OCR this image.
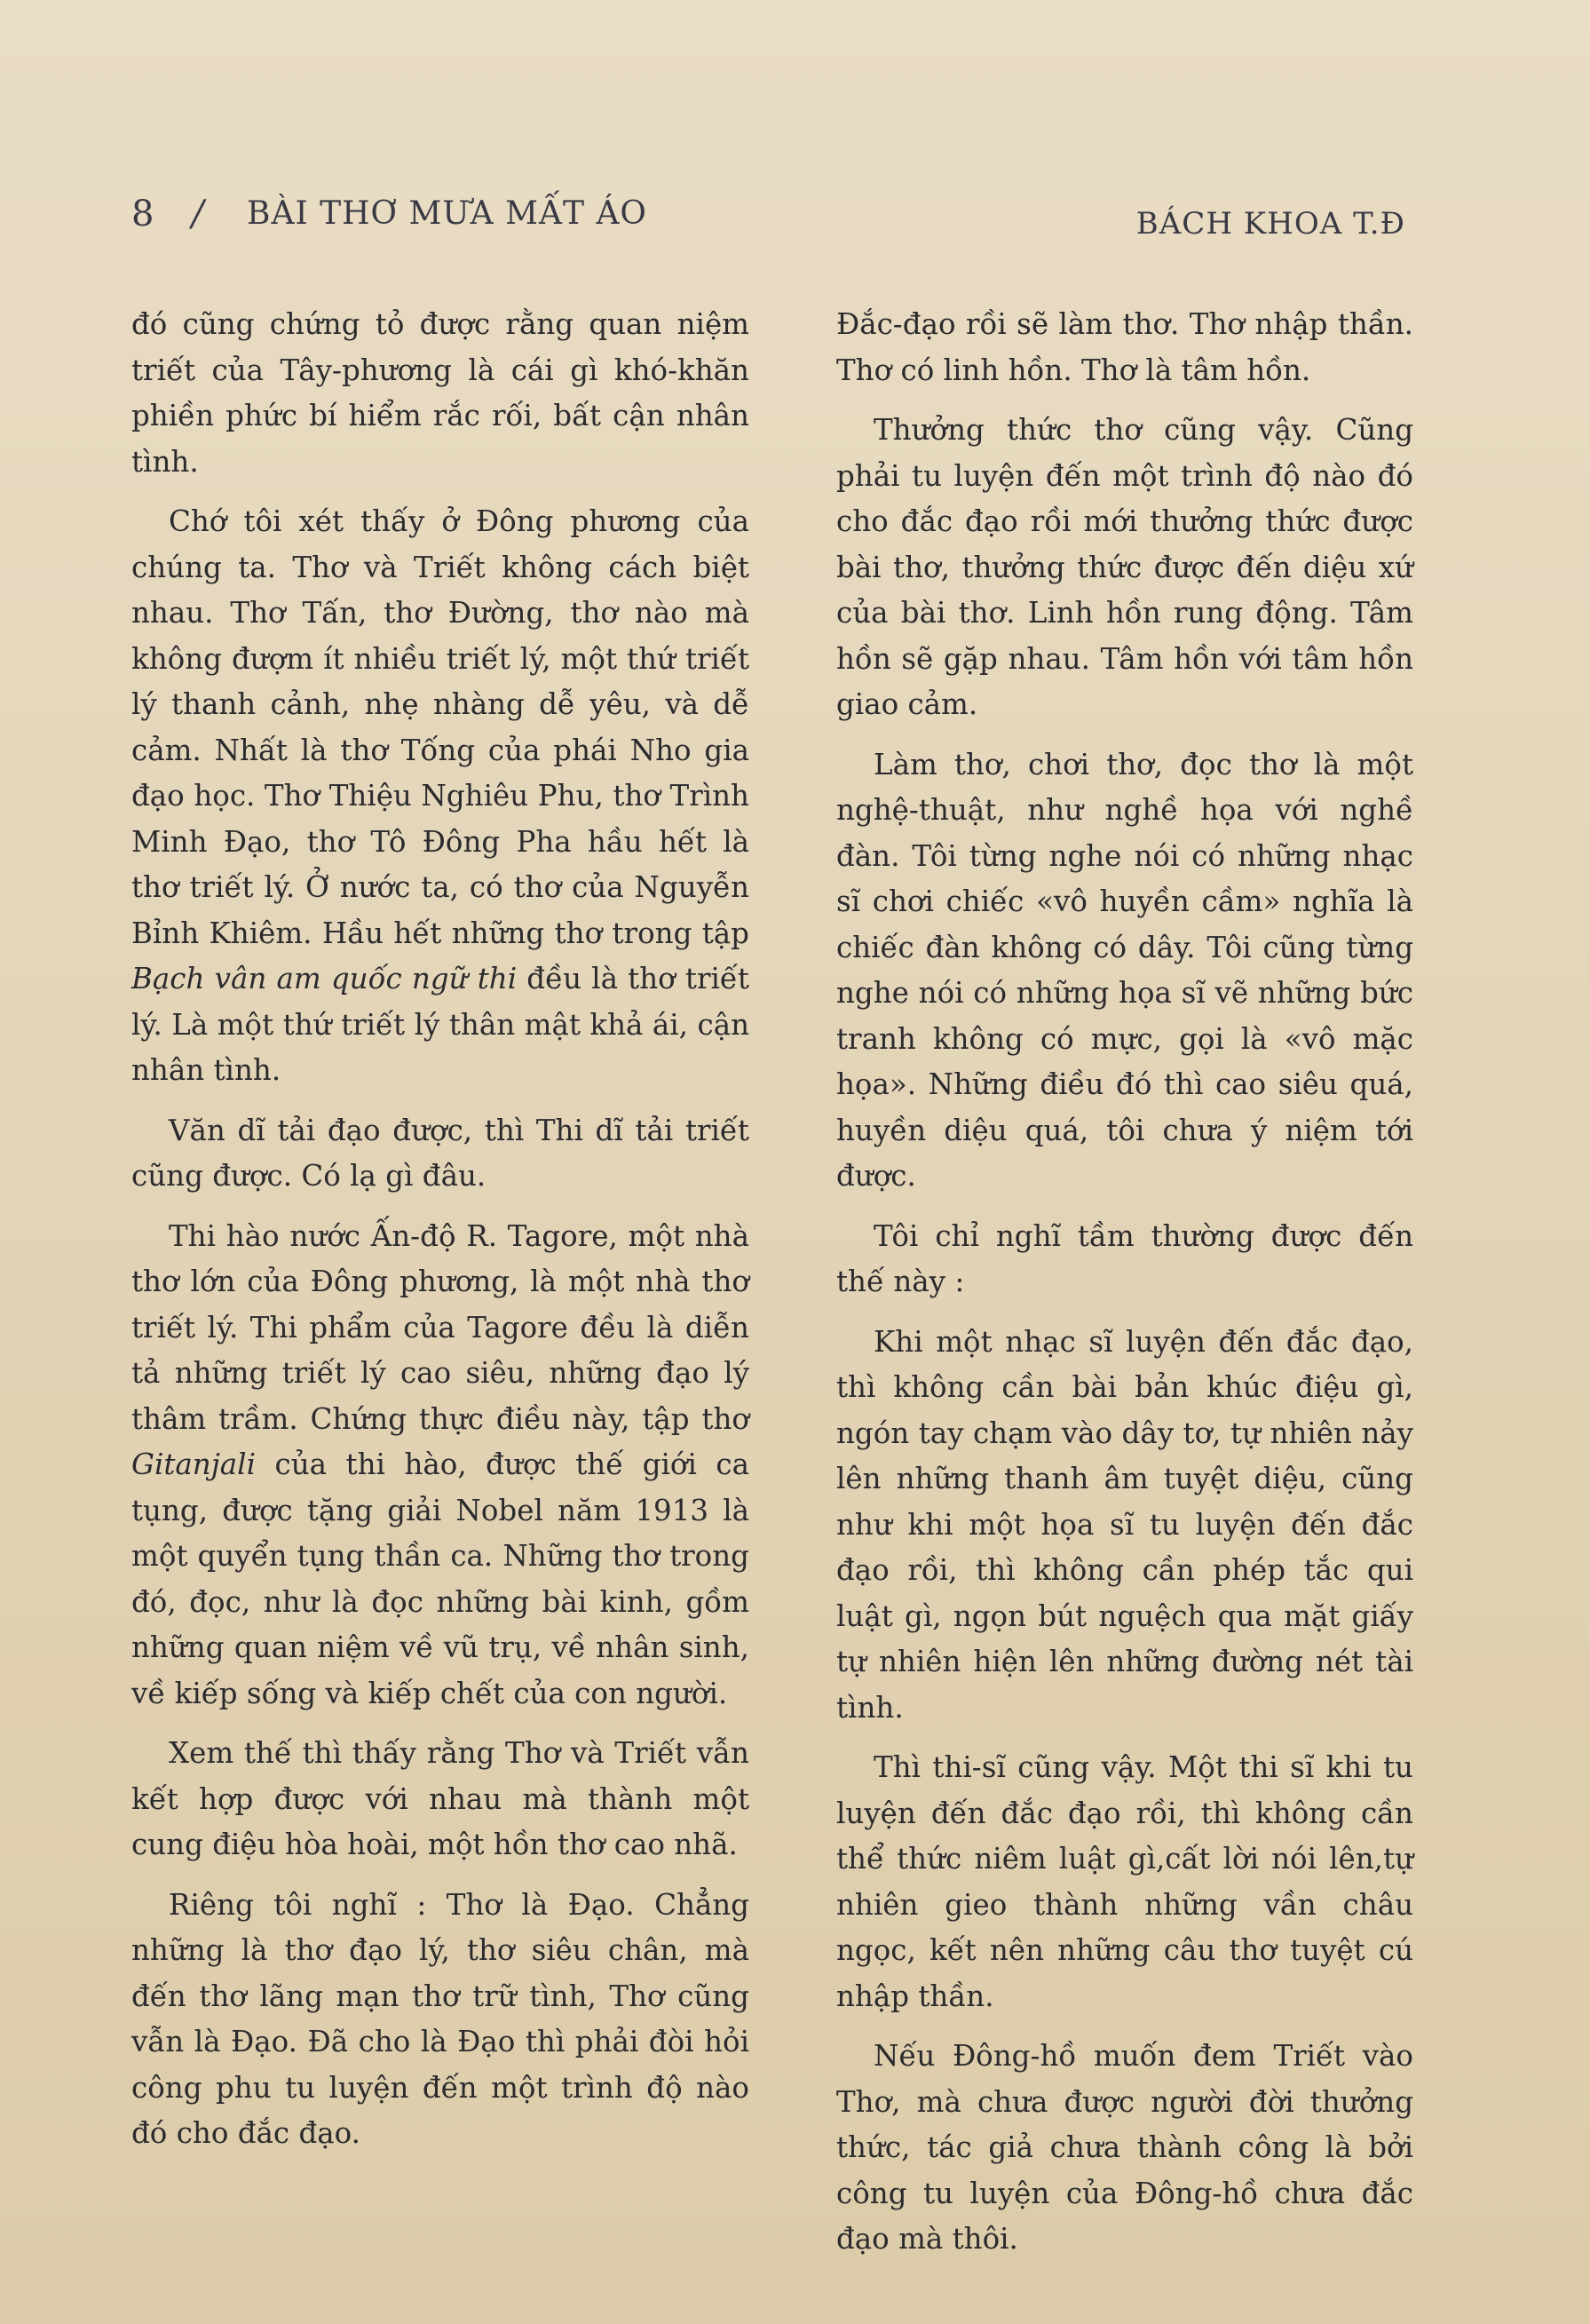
8 / BÀI THƠ MƯA MẤT ÁO	BÁCH KHOA T.Đ

đó cũng chứng tỏ được rằng quan niệm triết của Tây-phương là cái gì khó-khăn phiền phức bí hiểm rắc rối, bất cận nhân tình.

Chớ tôi xét thấy ở Đông phương của chúng ta. Thơ và Triết không cách biệt nhau. Thơ Tấn, thơ Đường, thơ nào mà không đượm ít nhiều triết lý, một thứ triết lý thanh cảnh, nhẹ nhàng dễ yêu, và dễ cảm. Nhất là thơ Tống của phái Nho gia đạo học. Thơ Thiệu Nghiêu Phu, thơ Trình Minh Đạo, thơ Tô Đông Pha hầu hết là thơ triết lý. Ở nước ta, có thơ của Nguyễn Bỉnh Khiêm. Hầu hết những thơ trong tập Bạch vân am quốc ngữ thi đều là thơ triết lý. Là một thứ triết lý thân mật khả ái, cận nhân tình.

Văn dĩ tải đạo được, thì Thi dĩ tải triết cũng được. Có lạ gì đâu.

Thi hào nước Ấn-độ R. Tagore, một nhà thơ lớn của Đông phương, là một nhà thơ triết lý. Thi phẩm của Tagore đều là diễn tả những triết lý cao siêu, những đạo lý thâm trầm. Chứng thực điều này, tập thơ Gitanjali của thi hào, được thế giới ca tụng, được tặng giải Nobel năm 1913 là một quyển tụng thần ca. Những thơ trong đó, đọc, như là đọc những bài kinh, gồm những quan niệm về vũ trụ, về nhân sinh, về kiếp sống và kiếp chết của con người.

Xem thế thì thấy rằng Thơ và Triết vẫn kết hợp được với nhau mà thành một cung điệu hòa hoài, một hồn thơ cao nhã.

Riêng tôi nghĩ : Thơ là Đạo. Chẳng những là thơ đạo lý, thơ siêu chân, mà đến thơ lãng mạn thơ trữ tình, Thơ cũng vẫn là Đạo. Đã cho là Đạo thì phải đòi hỏi công phu tu luyện đến một trình độ nào đó cho đắc đạo.

Đắc-đạo rồi sẽ làm thơ. Thơ nhập thần. Thơ có linh hồn. Thơ là tâm hồn.

Thưởng thức thơ cũng vậy. Cũng phải tu luyện đến một trình độ nào đó cho đắc đạo rồi mới thưởng thức được bài thơ, thưởng thức được đến diệu xứ của bài thơ. Linh hồn rung động. Tâm hồn sẽ gặp nhau. Tâm hồn với tâm hồn giao cảm.

Làm thơ, chơi thơ, đọc thơ là một nghệ-thuật, như nghề họa với nghề đàn. Tôi từng nghe nói có những nhạc sĩ chơi chiếc «vô huyền cầm» nghĩa là chiếc đàn không có dây. Tôi cũng từng nghe nói có những họa sĩ vẽ những bức tranh không có mực, gọi là «vô mặc họa». Những điều đó thì cao siêu quá, huyền diệu quá, tôi chưa ý niệm tới được.

Tôi chỉ nghĩ tầm thường được đến thế này :

Khi một nhạc sĩ luyện đến đắc đạo, thì không cần bài bản khúc điệu gì, ngón tay chạm vào dây tơ, tự nhiên nảy lên những thanh âm tuyệt diệu, cũng như khi một họa sĩ tu luyện đến đắc đạo rồi, thì không cần phép tắc qui luật gì, ngọn bút nguệch qua mặt giấy tự nhiên hiện lên những đường nét tài tình.

Thì thi-sĩ cũng vậy. Một thi sĩ khi tu luyện đến đắc đạo rồi, thì không cần thể thức niêm luật gì,cất lời nói lên,tự nhiên gieo thành những vần châu ngọc, kết nên những câu thơ tuyệt cú nhập thần.

Nếu Đông-hồ muốn đem Triết vào Thơ, mà chưa được người đời thưởng thức, tác giả chưa thành công là bởi công tu luyện của Đông-hồ chưa đắc đạo mà thôi.
